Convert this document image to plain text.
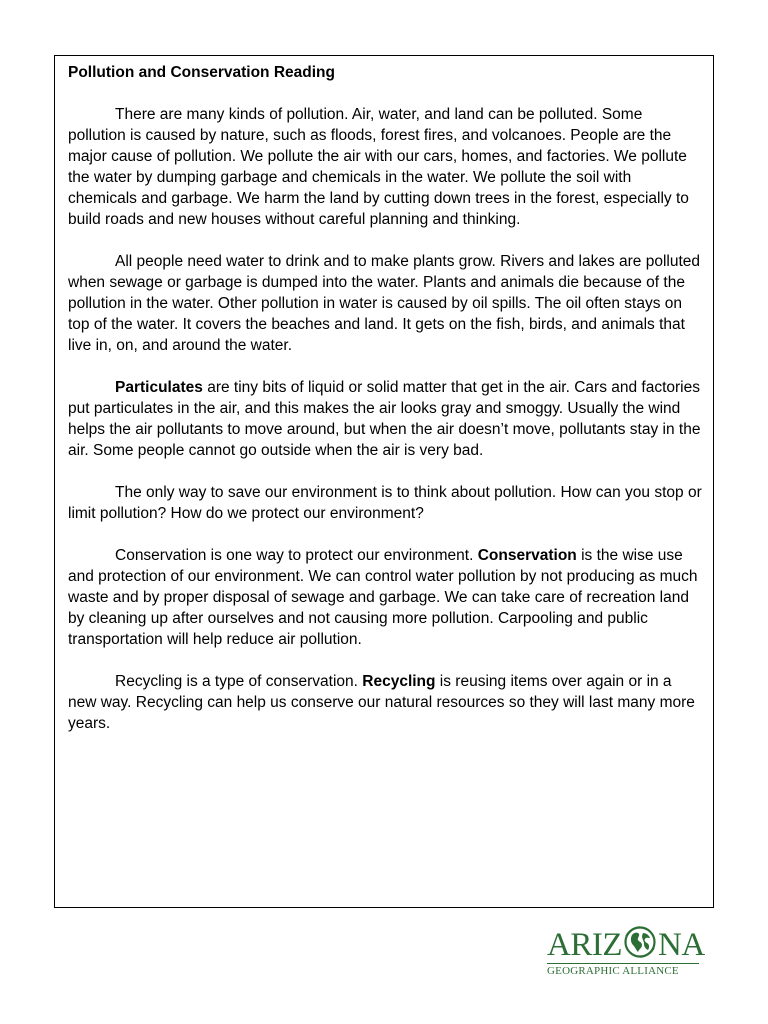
Pollution and Conservation Reading

There are many kinds of pollution. Air, water, and land can be polluted. Some pollution is caused by nature, such as floods, forest fires, and volcanoes. People are the major cause of pollution. We pollute the air with our cars, homes, and factories. We pollute the water by dumping garbage and chemicals in the water. We pollute the soil with chemicals and garbage. We harm the land by cutting down trees in the forest, especially to build roads and new houses without careful planning and thinking.

All people need water to drink and to make plants grow. Rivers and lakes are polluted when sewage or garbage is dumped into the water. Plants and animals die because of the pollution in the water. Other pollution in water is caused by oil spills. The oil often stays on top of the water. It covers the beaches and land. It gets on the fish, birds, and animals that live in, on, and around the water.

Particulates are tiny bits of liquid or solid matter that get in the air. Cars and factories put particulates in the air, and this makes the air looks gray and smoggy. Usually the wind helps the air pollutants to move around, but when the air doesn’t move, pollutants stay in the air. Some people cannot go outside when the air is very bad.

The only way to save our environment is to think about pollution. How can you stop or limit pollution? How do we protect our environment?

Conservation is one way to protect our environment. Conservation is the wise use and protection of our environment. We can control water pollution by not producing as much waste and by proper disposal of sewage and garbage. We can take care of recreation land by cleaning up after ourselves and not causing more pollution. Carpooling and public transportation will help reduce air pollution.

Recycling is a type of conservation. Recycling is reusing items over again or in a new way. Recycling can help us conserve our natural resources so they will last many more years.

ARIZ NA
GEOGRAPHIC ALLIANCE
